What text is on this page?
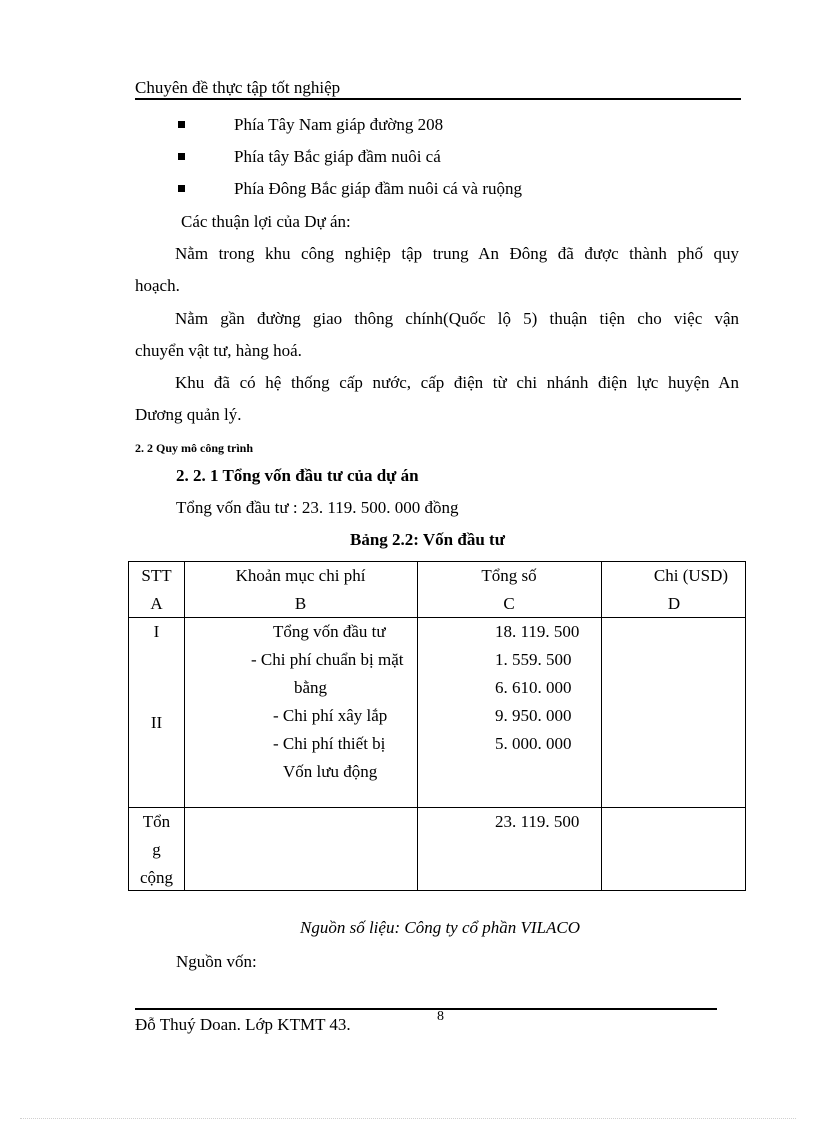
Chuyên đề thực tập tốt nghiệp
Phía Tây Nam giáp đường 208
Phía tây Bắc giáp đầm nuôi cá
Phía Đông Bắc giáp đầm nuôi cá và ruộng
Các thuận lợi của Dự án:
Nằm trong khu công nghiệp tập trung An Đông đã được thành phố quy
hoạch.
Nằm gần đường giao thông chính(Quốc lộ 5) thuận tiện cho việc vận
chuyển vật tư, hàng hoá.
Khu đã có hệ thống cấp nước, cấp điện từ chi nhánh điện lực huyện An
Dương quản lý.
2. 2 Quy mô công trình
2. 2. 1 Tổng vốn đầu tư của dự án
Tổng vốn đầu tư : 23. 119. 500. 000 đồng
Bảng 2.2: Vốn đầu tư
STT
A
Khoản mục chi phí
B
Tổng số
C
Chi (USD)
D
I
II
Tổng vốn đầu tư
- Chi phí chuẩn bị mặt
bằng
- Chi phí xây lắp
- Chi phí thiết bị
Vốn lưu động
18. 119. 500
1. 559. 500
6. 610. 000
9. 950. 000
5. 000. 000
Tổn
g
cộng
23. 119. 500
Nguồn số liệu: Công ty cổ phần VILACO
Nguồn vốn:
8
Đỗ Thuý Doan. Lớp KTMT 43.
